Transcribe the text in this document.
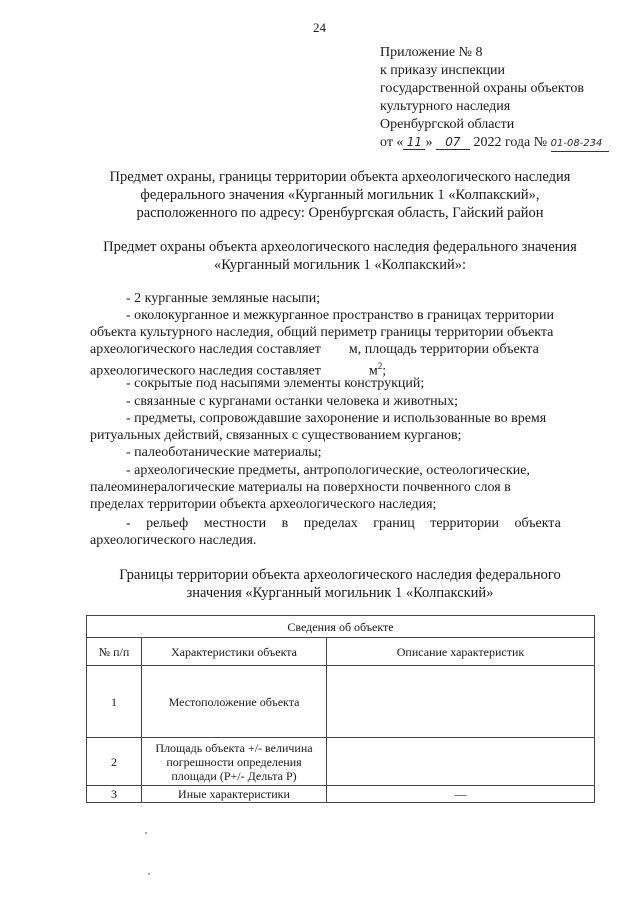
24
Приложение № 8
к приказу инспекции
государственной охраны объектов
культурного наследия
Оренбургской области
от « 11 » 07 2022 года № 01-08-234
Предмет охраны, границы территории объекта археологического наследия
федерального значения «Курганный могильник 1 «Колпакский»,
расположенного по адресу: Оренбургская область, Гайский район
Предмет охраны объекта археологического наследия федерального значения
«Курганный могильник 1 «Колпакский»:
- 2 курганные земляные насыпи;
- околокурганное и межкурганное пространство в границах территории
объекта культурного наследия, общий периметр границы территории объекта
археологического наследия составляет        м, площадь территории объекта
археологического наследия составляет	$м^2$;
- сокрытые под насыпями элементы конструкций;
- связанные с курганами останки человека и животных;
- предметы, сопровождавшие захоронение и использованные во время
ритуальных действий, связанных с существованием курганов;
- палеоботанические материалы;
- археологические предметы, антропологические, остеологические,
палеоминералогические материалы на поверхности почвенного слоя в
пределах территории объекта археологического наследия;
- рельеф местности в пределах границ территории объекта
археологического наследия.
Границы территории объекта археологического наследия федерального
значения «Курганный могильник 1 «Колпакский»
Сведения об объекте		
№ п/п	Характеристики объекта	Описание характеристик
1	Местоположение объекта	
2	Площадь объекта +/- величина погрешности определения площади (Р+/- Дельта Р)	
3	Иные характеристики	—
